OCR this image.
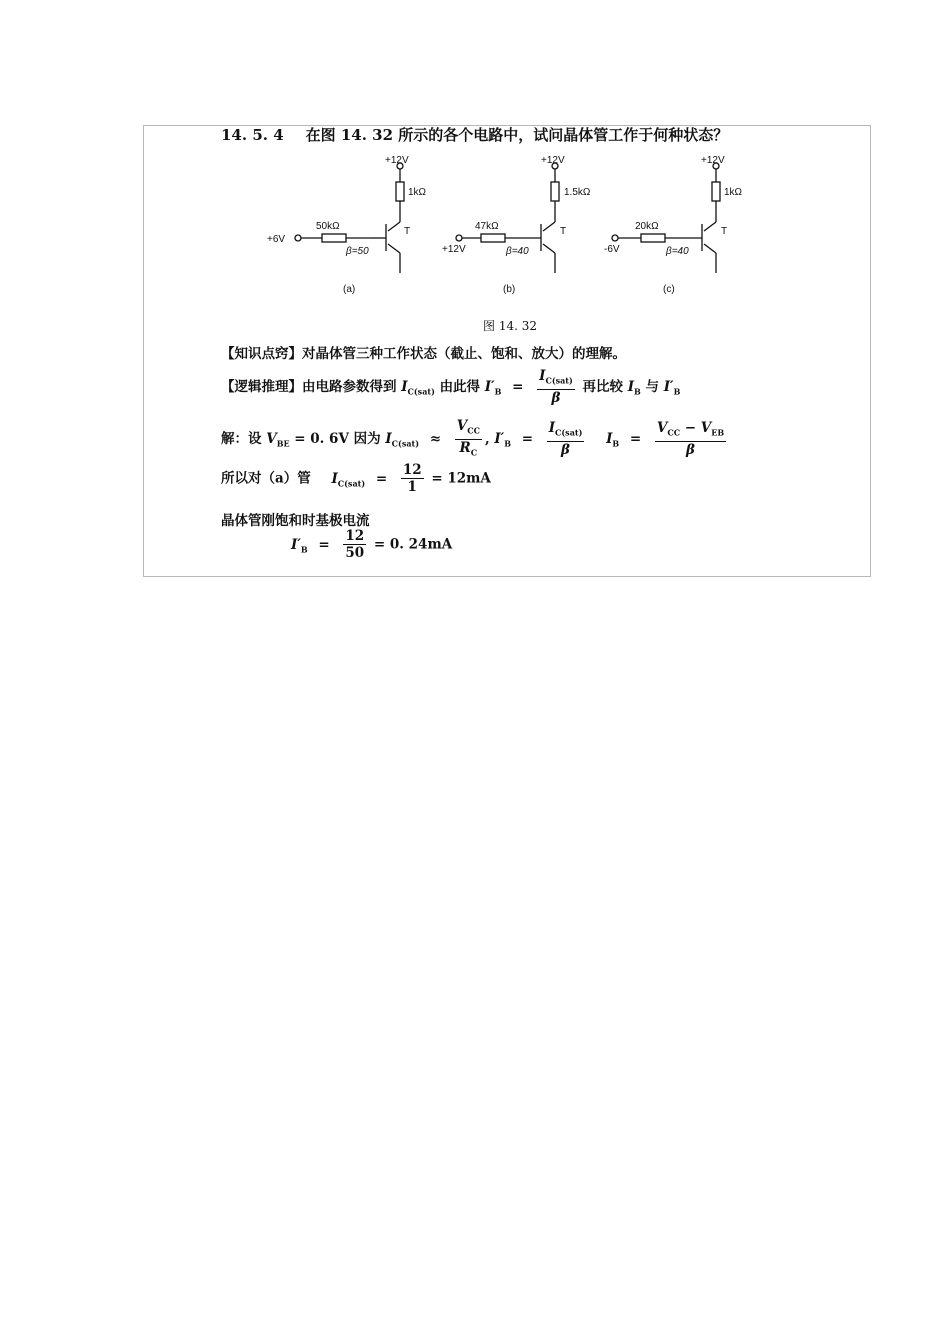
14. 5. 4 在图 14. 32 所示的各个电路中，试问晶体管工作于何种状态？
+12V
1kΩ
50kΩ
+6V
β=50
T
(a)
+12V
1.5kΩ
47kΩ
+12V	β=40
T
(b)
+12V
1kΩ
20kΩ
-6V	β=40
T
(c)
图 14. 32
【知识点窍】对晶体管三种工作状态（截止、饱和、放大）的理解。
【逻辑推理】由电路参数得到 $I_{C(sat)}$ 由此得 $I'_B = \frac{I_{C(sat)}}{\beta}$ 再比较 $I_B$ 与 $I'_B$
解：设 $V_{BE} = 0$. 6V 因为 $I_{C(sat)} \approx \frac{V_{CC}}{R_C}$ , $I'_B = \frac{I_{C(sat)}}{\beta} I_B = \frac{V_{CC} - V_{EB}}{\beta}$
所以对（a）管 $I_{C(sat)} = \frac{12}{1} = 12mA$
晶体管刚饱和时基极电流
$I'_B = \frac{12}{50} = 0$. 24mA
